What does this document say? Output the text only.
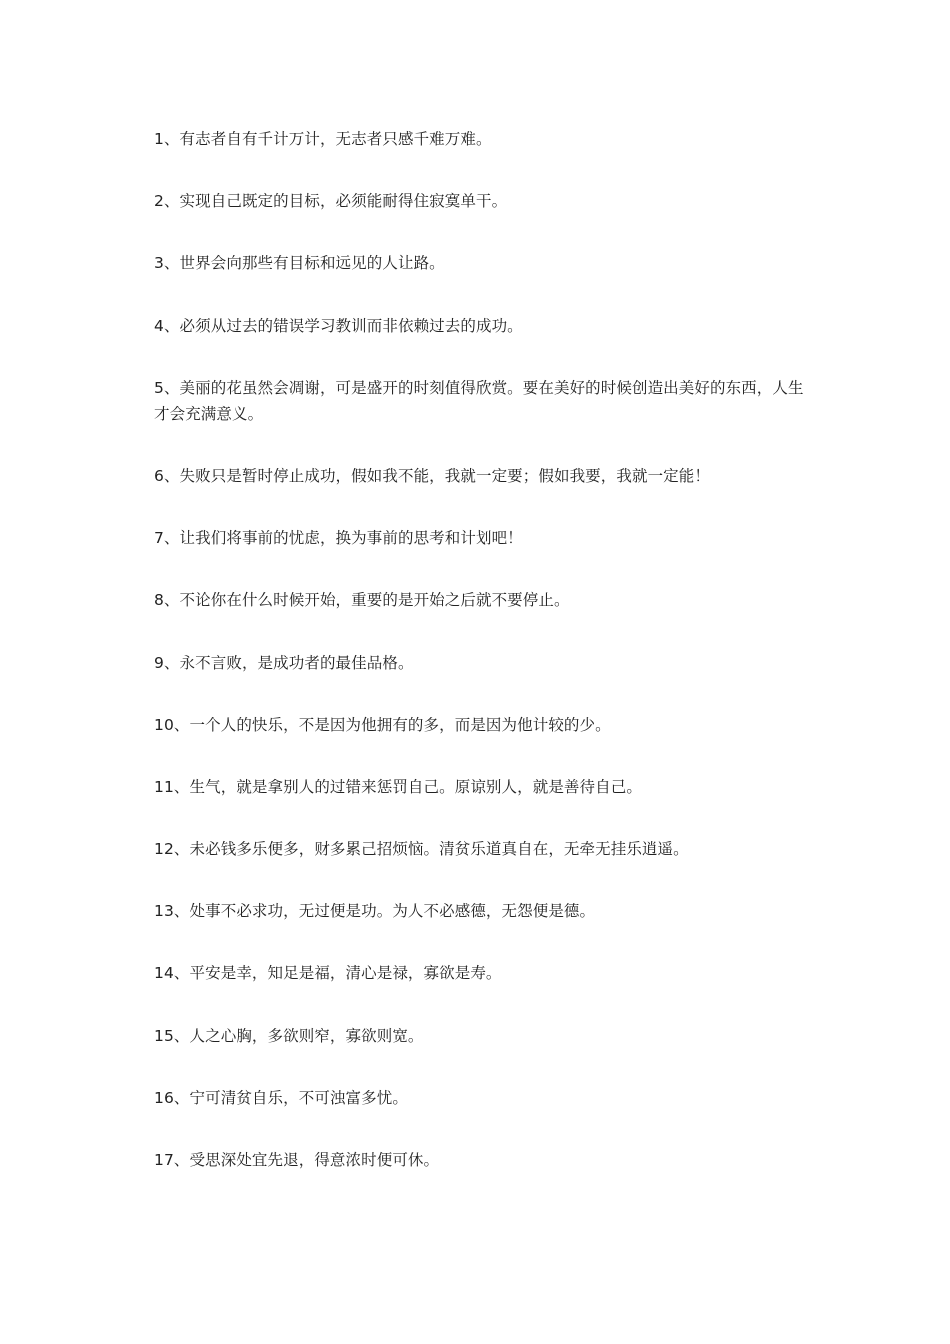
1、有志者自有千计万计，无志者只感千难万难。
2、实现自己既定的目标，必须能耐得住寂寞单干。
3、世界会向那些有目标和远见的人让路。
4、必须从过去的错误学习教训而非依赖过去的成功。
5、美丽的花虽然会凋谢，可是盛开的时刻值得欣赏。要在美好的时候创造出美好的东西，人生才会充满意义。
6、失败只是暂时停止成功，假如我不能，我就一定要；假如我要，我就一定能！
7、让我们将事前的忧虑，换为事前的思考和计划吧！
8、不论你在什么时候开始，重要的是开始之后就不要停止。
9、永不言败，是成功者的最佳品格。
10、一个人的快乐，不是因为他拥有的多，而是因为他计较的少。
11、生气，就是拿别人的过错来惩罚自己。原谅别人，就是善待自己。
12、未必钱多乐便多，财多累己招烦恼。清贫乐道真自在，无牵无挂乐逍遥。
13、处事不必求功，无过便是功。为人不必感德，无怨便是德。
14、平安是幸，知足是福，清心是禄，寡欲是寿。
15、人之心胸，多欲则窄，寡欲则宽。
16、宁可清贫自乐，不可浊富多忧。
17、受思深处宜先退，得意浓时便可休。
